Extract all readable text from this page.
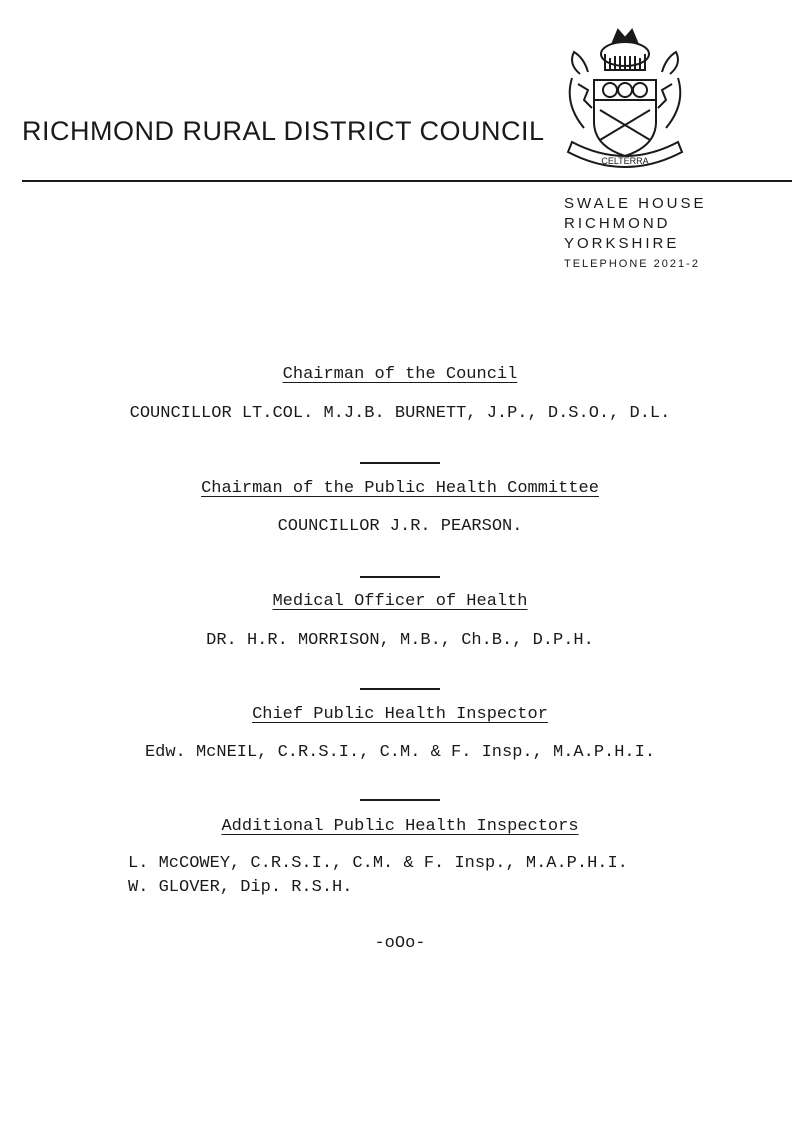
RICHMOND RURAL DISTRICT COUNCIL
CELTERRA
SWALE HOUSE
RICHMOND
YORKSHIRE
TELEPHONE 2021-2
Chairman of the Council
COUNCILLOR LT.COL. M.J.B. BURNETT, J.P., D.S.O., D.L.
Chairman of the Public Health Committee
COUNCILLOR J.R. PEARSON.
Medical Officer of Health
DR. H.R. MORRISON, M.B., Ch.B., D.P.H.
Chief Public Health Inspector
Edw. McNEIL, C.R.S.I., C.M. & F. Insp., M.A.P.H.I.
Additional Public Health Inspectors
L. McCOWEY, C.R.S.I., C.M. & F. Insp., M.A.P.H.I.
W. GLOVER, Dip. R.S.H.
-oOo-
